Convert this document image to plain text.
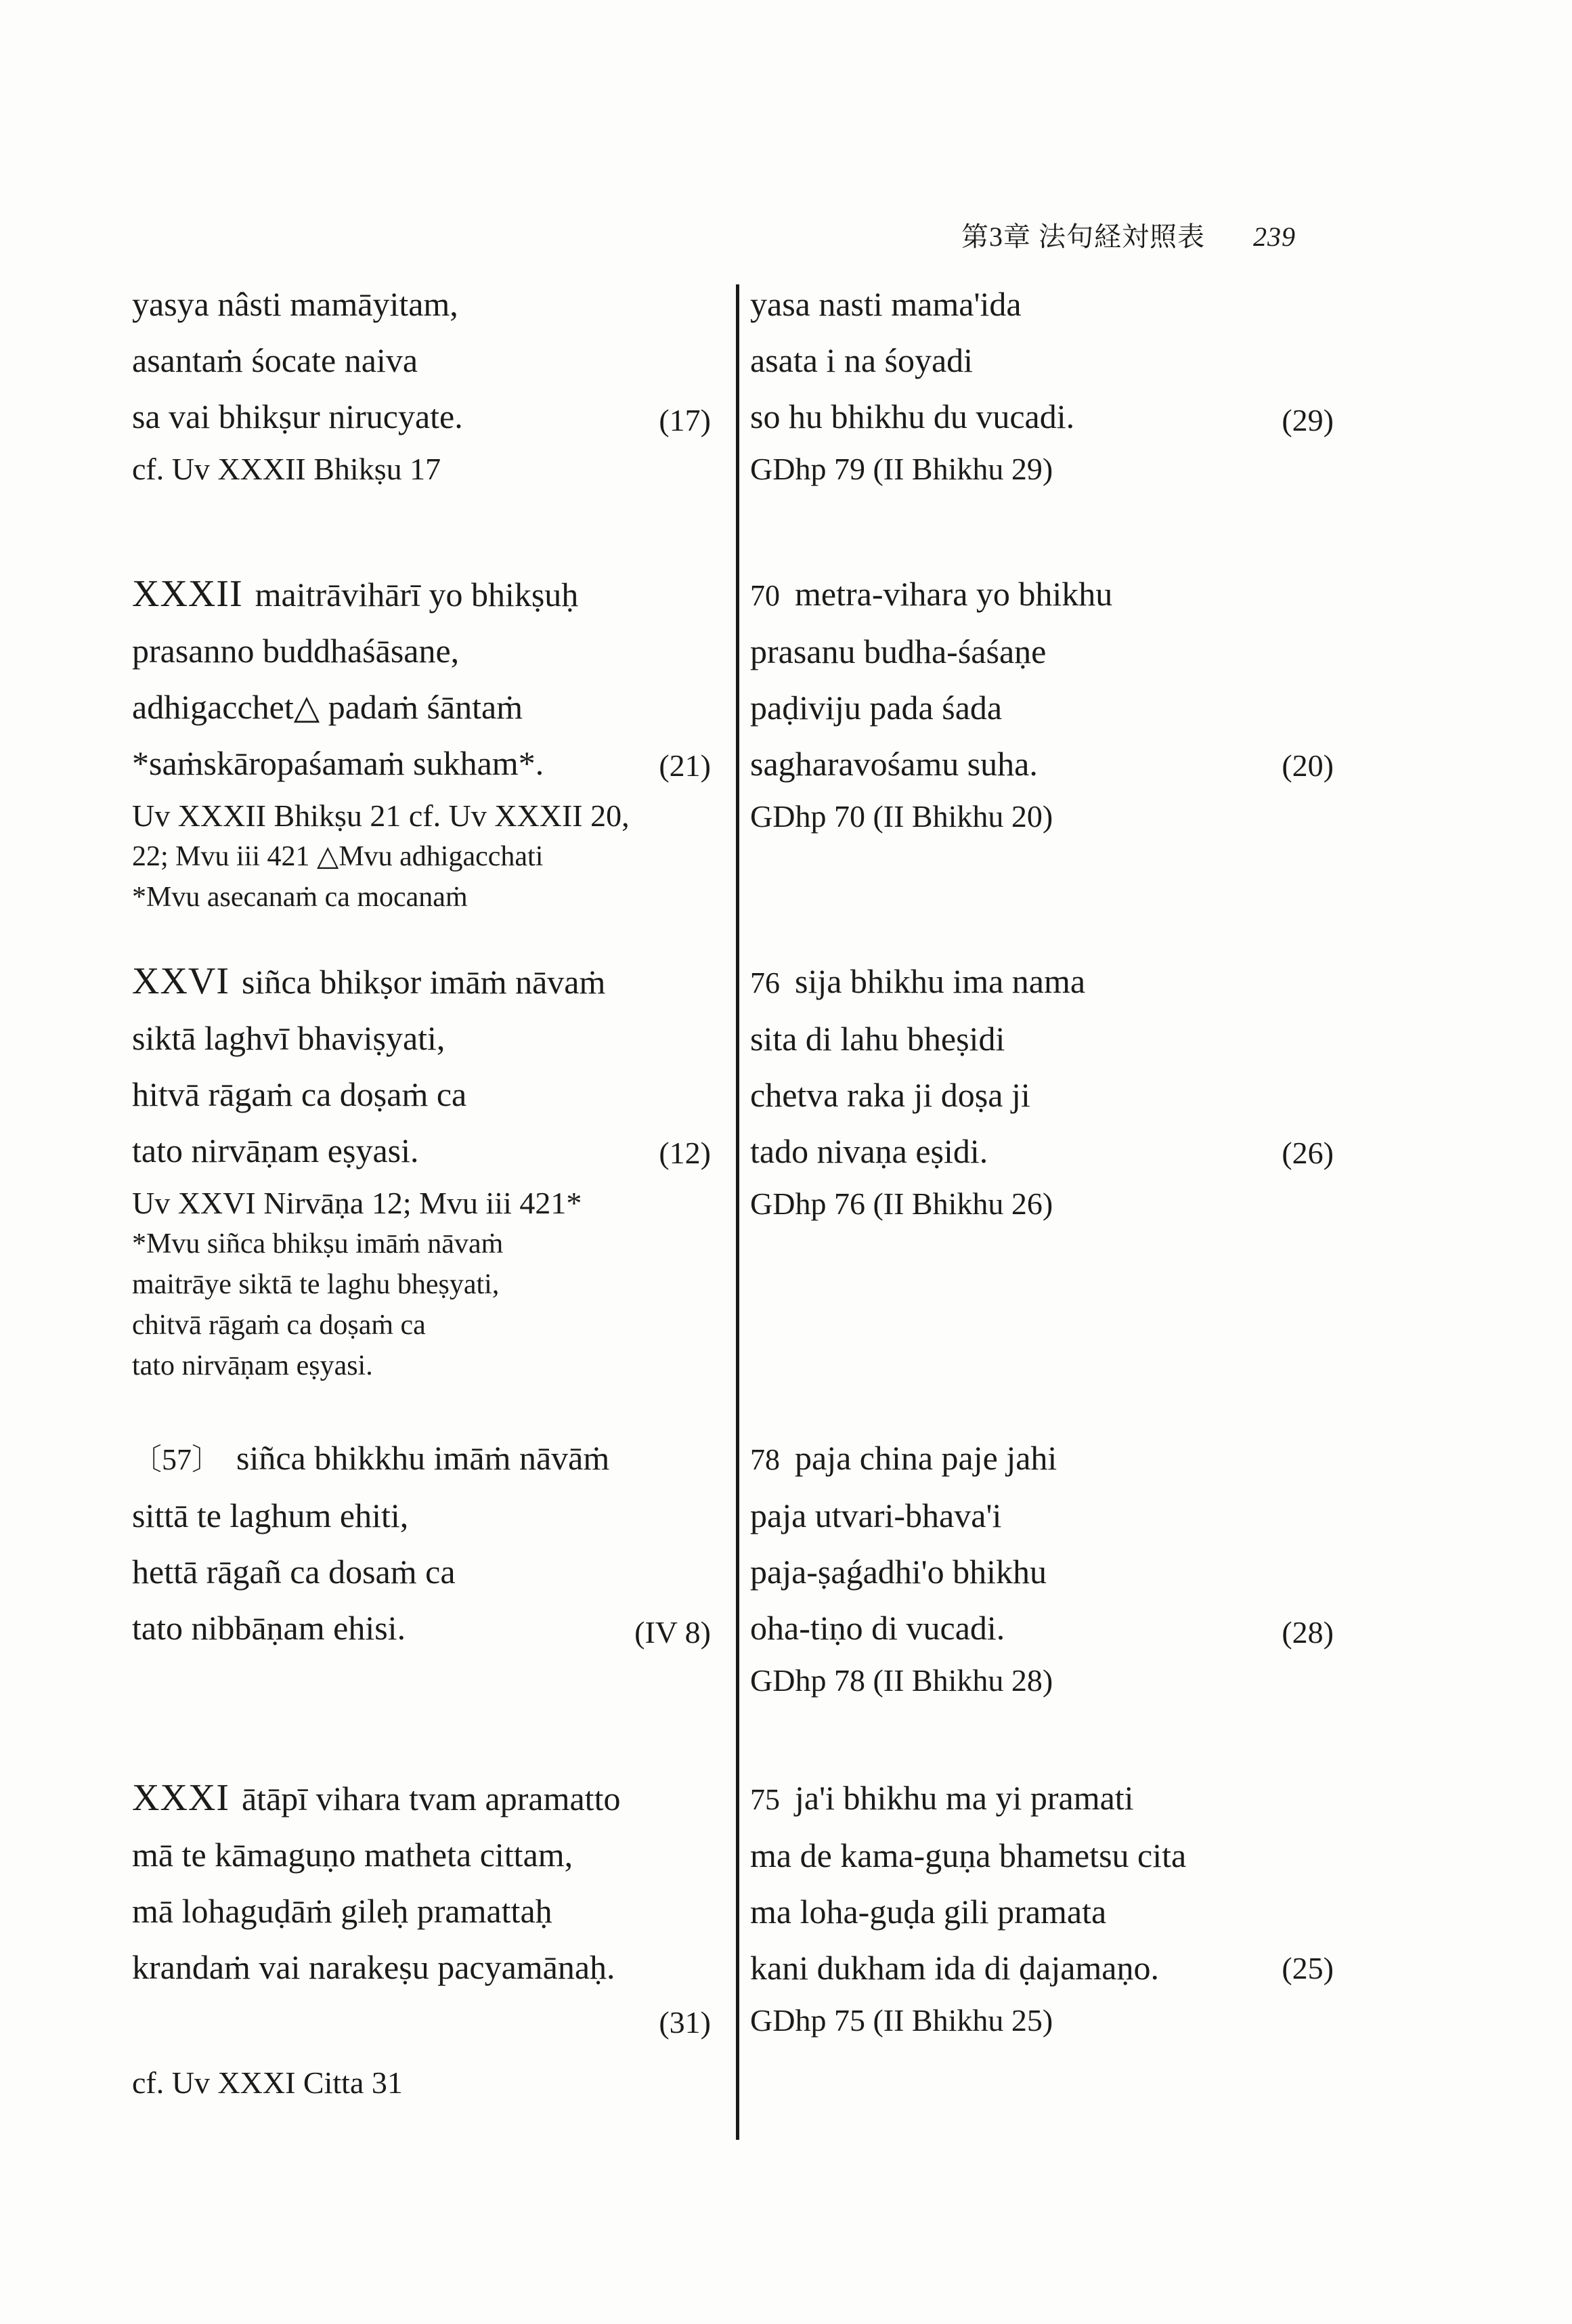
第3章 法句経対照表 239
yasya nâsti mamāyitam,
asantaṁ śocate naiva
sa vai bhikṣur nirucyate.
cf. Uv XXXII Bhikṣu 17
(17)
XXXII maitrāvihārī yo bhikṣuḥ
prasanno buddhaśāsane,
adhigacchet△ padaṁ śāntaṁ
*saṁskāropaśamaṁ sukham*.
Uv XXXII Bhikṣu 21 cf. Uv XXXII 20,
22; Mvu iii 421 △Mvu adhigacchati
*Mvu asecanaṁ ca mocanaṁ
(21)
XXVI siñca bhikṣor imāṁ nāvaṁ
siktā laghvī bhaviṣyati,
hitvā rāgaṁ ca doṣaṁ ca
tato nirvāṇam eṣyasi.
Uv XXVI Nirvāṇa 12; Mvu iii 421*
*Mvu siñca bhikṣu imāṁ nāvaṁ
maitrāye siktā te laghu bheṣyati,
chitvā rāgaṁ ca doṣaṁ ca
tato nirvāṇam eṣyasi.
(12)
〔57〕 siñca bhikkhu imāṁ nāvāṁ
sittā te laghum ehiti,
hettā rāgañ ca dosaṁ ca
tato nibbāṇam ehisi.	(IV 8)
XXXI ātāpī vihara tvam apramatto
mā te kāmaguṇo matheta cittam,
mā lohaguḍāṁ gileḥ pramattaḥ
krandaṁ vai narakeṣu pacyamānaḥ.
(31)
cf. Uv XXXI Citta 31
yasa nasti mama'ida
asata i na śoyadi
so hu bhikhu du vucadi.
GDhp 79 (II Bhikhu 29)
(29)
70 metra-vihara yo bhikhu
prasanu budha-śaśaṇe
paḍiviju pada śada
sagharavośamu suha.
GDhp 70 (II Bhikhu 20)
(20)
76 sija bhikhu ima nama
sita di lahu bheṣidi
chetva raka ji doṣa ji
tado nivaṇa eṣidi.
GDhp 76 (II Bhikhu 26)
(26)
78 paja china paje jahi
paja utvari-bhava'i
paja-ṣaǵadhi'o bhikhu
oha-tiṇo di vucadi.
GDhp 78 (II Bhikhu 28)
(28)
75 ja'i bhikhu ma yi pramati
ma de kama-guṇa bhametsu cita
ma loha-guḍa gili pramata
kani dukham ida di ḍajamaṇo.
GDhp 75 (II Bhikhu 25)
(25)
